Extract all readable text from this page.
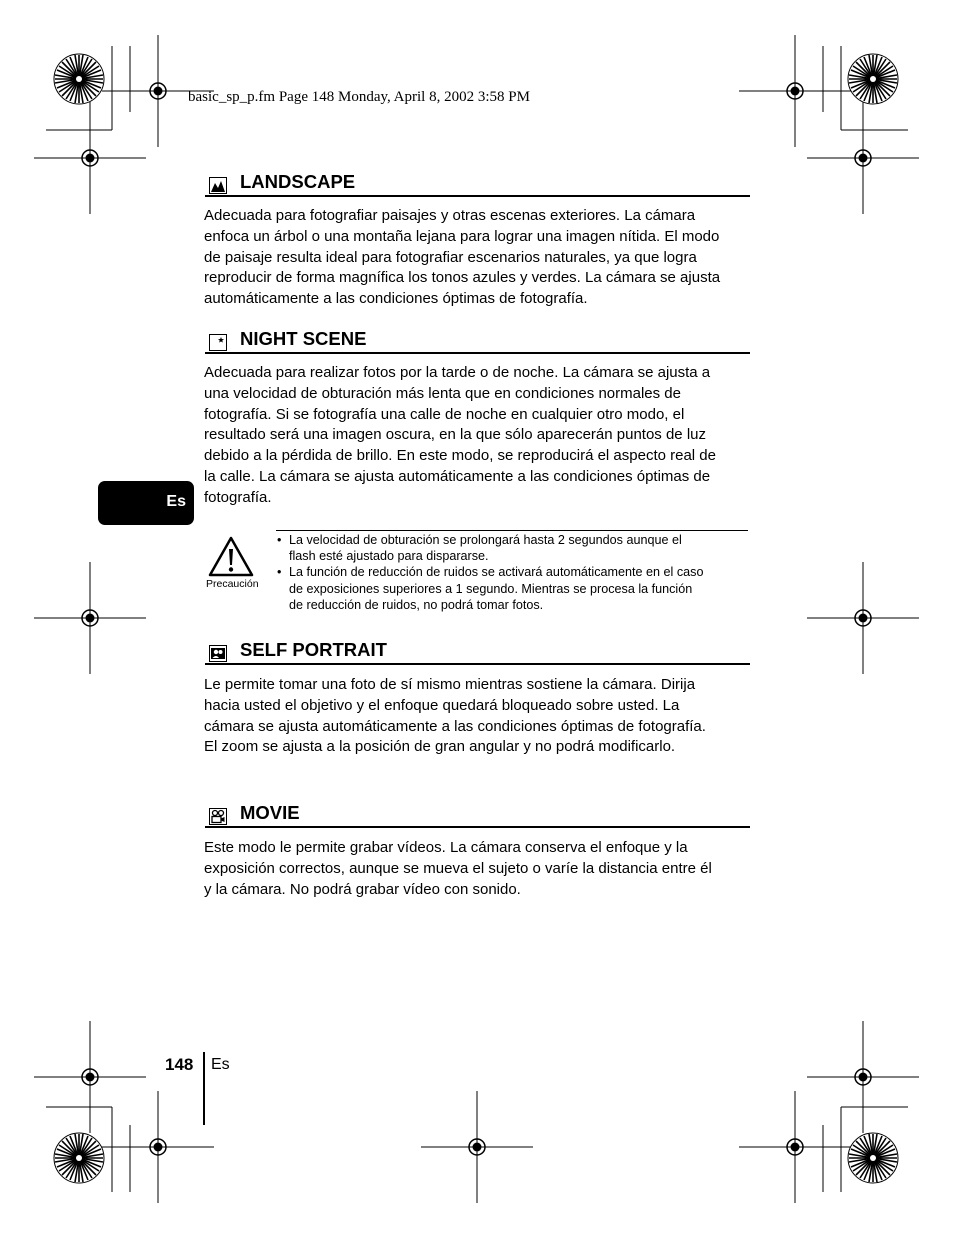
basic_sp_p.fm Page 148 Monday, April 8, 2002 3:58 PM
LANDSCAPE
Adecuada para fotografiar paisajes y otras escenas exteriores. La cámara
enfoca un árbol o una montaña lejana para lograr una imagen nítida. El modo
de paisaje resulta ideal para fotografiar escenarios naturales, ya que logra
reproducir de forma magnífica los tonos azules y verdes. La cámara se ajusta
automáticamente a las condiciones óptimas de fotografía.
NIGHT SCENE
Adecuada para realizar fotos por la tarde o de noche. La cámara se ajusta a
una velocidad de obturación más lenta que en condiciones normales de
fotografía. Si se fotografía una calle de noche en cualquier otro modo, el
resultado será una imagen oscura, en la que sólo aparecerán puntos de luz
debido a la pérdida de brillo. En este modo, se reproducirá el aspecto real de
la calle. La cámara se ajusta automáticamente a las condiciones óptimas de
fotografía.
Es
Precaución
• La velocidad de obturación se prolongará hasta 2 segundos aunque el
flash esté ajustado para dispararse.
• La función de reducción de ruidos se activará automáticamente en el caso
de exposiciones superiores a 1 segundo. Mientras se procesa la función
de reducción de ruidos, no podrá tomar fotos.
SELF PORTRAIT
Le permite tomar una foto de sí mismo mientras sostiene la cámara. Dirija
hacia usted el objetivo y el enfoque quedará bloqueado sobre usted. La
cámara se ajusta automáticamente a las condiciones óptimas de fotografía.
El zoom se ajusta a la posición de gran angular y no podrá modificarlo.
MOVIE
Este modo le permite grabar vídeos. La cámara conserva el enfoque y la
exposición correctos, aunque se mueva el sujeto o varíe la distancia entre él
y la cámara. No podrá grabar vídeo con sonido.
148 Es
